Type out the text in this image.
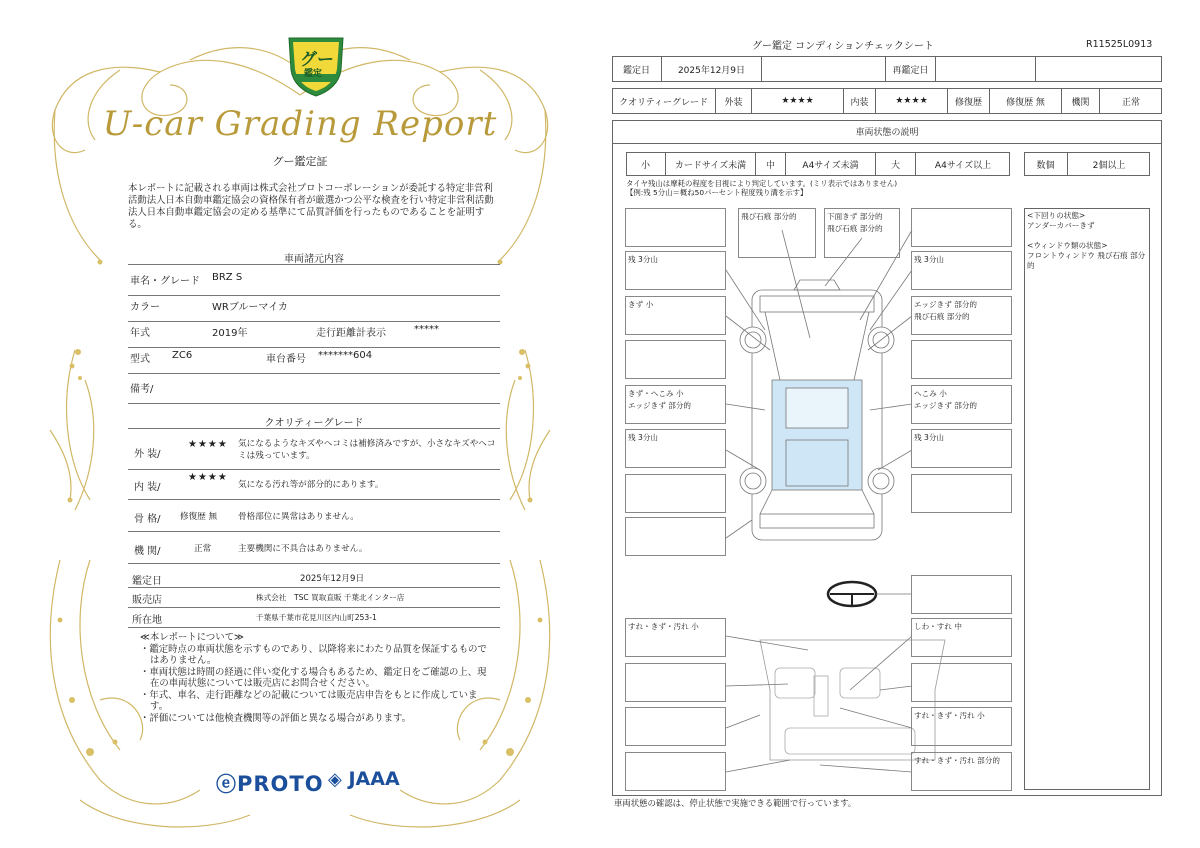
グー
鑑定
U-car Grading Report
グー鑑定証
本レポートに記載される車両は株式会社プロトコーポレーションが委託する特定非営利活動法人日本自動車鑑定協会の資格保有者が厳選かつ公平な検査を行い特定非営利活動法人日本自動車鑑定協会の定める基準にて品質評価を行ったものであることを証明する。
車両諸元内容
車名・グレード BRZ S
カラー	WRブルーマイカ
年式	2019年	走行距離計表示	*****
型式 ZC6	車台番号 *******604
備考/
クオリティーグレード
外 装/
★★★★ 気になるようなキズやヘコミは補修済みですが、小さなキズやヘコミは残っています。
内 装/
★★★★
気になる汚れ等が部分的にあります。
骨 格/ 修復歴 無 骨格部位に異常はありません。
機 関/	正常	主要機関に不具合はありません。
鑑定日	2025年12月9日
販売店	株式会社　TSC 買取直販 千葉北インター店
所在地	千葉県千葉市花見川区内山町253-1
≪本レポートについて≫
・鑑定時点の車両状態を示すものであり、以降将来にわたり品質を保証するものではありません。
・車両状態は時間の経過に伴い変化する場合もあるため、鑑定日をご確認の上、現在の車両状態については販売店にお問合せください。
・年式、車名、走行距離などの記載については販売店申告をもとに作成しています。
・評価については他検査機関等の評価と異なる場合があります。
ⓔPROTO ◈ JAAA
グー鑑定 コンディションチェックシート	R11525L0913
鑑定日	2025年12月9日	再鑑定日
クオリティーグレード	外装	★★★★	内装	★★★★	修復歴	修復歴 無	機関	正常
車両状態の説明
小	カードサイズ未満	中	A4サイズ未満	大	A4サイズ以上	数個	2個以上
タイヤ残山は摩耗の程度を目視により判定しています。(ミリ表示ではありません)
【例:残 5分山＝概ね50パーセント程度残り溝を示す】
残 3分山
きず 小
きず・へこみ 小
エッジきず 部分的
残 3分山
飛び石痕 部分的	下面きず 部分的
飛び石痕 部分的
残 3分山
エッジきず 部分的
飛び石痕 部分的
へこみ 小
エッジきず 部分的
残 3分山
すれ・きず・汚れ 小	しわ・すれ 中
すれ・きず・汚れ 小
すれ・きず・汚れ 部分的
<下回りの状態>
アンダーカバーきず
<ウィンドウ類の状態>
フロントウィンドウ 飛び石痕 部分的
車両状態の確認は、停止状態で実施できる範囲で行っています。
